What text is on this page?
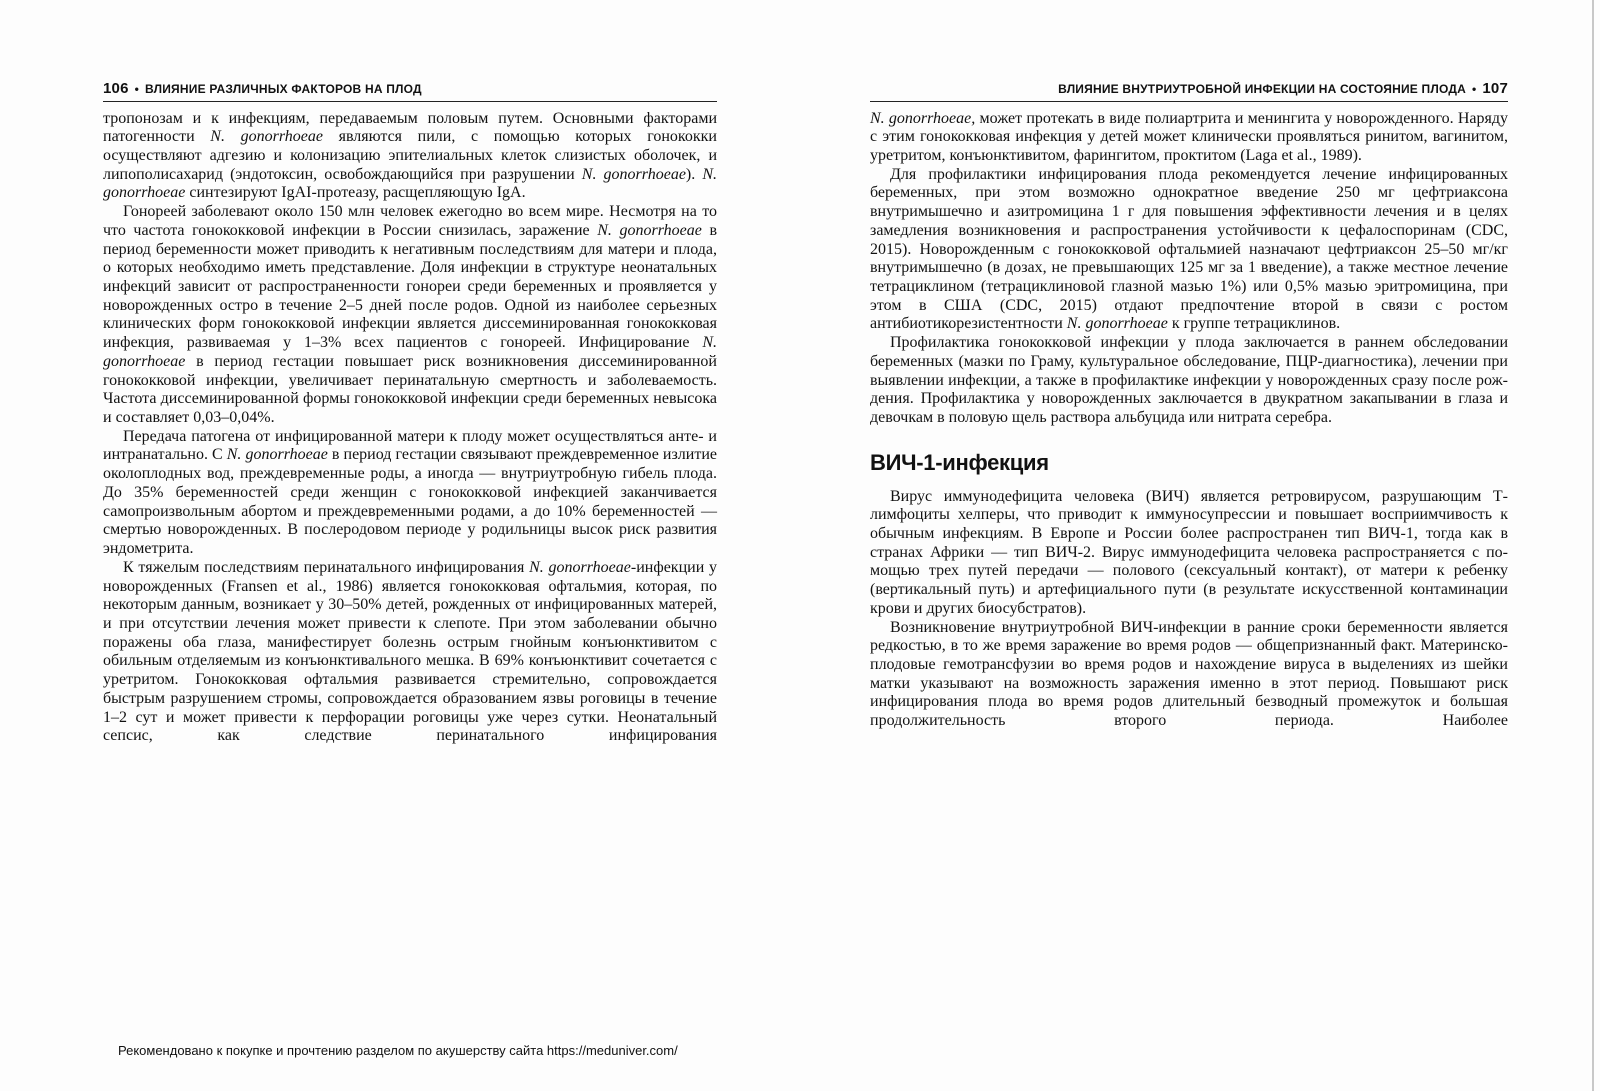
106 • ВЛИЯНИЕ РАЗЛИЧНЫХ ФАКТОРОВ НА ПЛОД

тропонозам и к инфекциям, передаваемым половым путем. Основными факторами патогенности N. gonorrhoeae являются пили, с помощью которых гонококки осуществляют адгезию и колонизацию эпителиальных клеток слизистых оболочек, и липополисахарид (эндотоксин, освобождающийся при разрушении N. gonorrhoeae). N. gonorrhoeae синтезируют IgAI-протеазу, расщепляющую IgA.

Гонореей заболевают около 150 млн человек ежегодно во всем мире. Несмотря на то что частота гонококковой инфекции в России снизилась, заражение N. gonorrhoeae в период беременности может приводить к негативным последствиям для матери и плода, о которых необходимо иметь представление. Доля инфекции в структуре неонатальных инфекций зависит от распространенности гонореи среди беременных и проявляется у новорожденных остро в течение 2–5 дней после родов. Одной из наиболее серьезных клинических форм гонококковой инфекции является диссеминированная гонококковая инфекция, развиваемая у 1–3% всех пациентов с гонореей. Инфицирование N. gonorrhoeae в период гестации повышает риск возникновения диссеминированной гонококковой инфекции, увеличивает перинатальную смертность и заболеваемость. Частота диссеминированной формы гонококковой инфекции среди беременных невысока и составляет 0,03–0,04%.

Передача патогена от инфицированной матери к плоду может осуществляться анте- и интранатально. С N. gonorrhoeae в период гестации связывают преждевременное излитие околоплодных вод, преждевременные роды, а иногда — внутриутробную гибель плода. До 35% беременностей среди женщин с гонококковой инфекцией заканчивается самопроизвольным абортом и преждевременными родами, а до 10% беременностей — смертью новорожденных. В послеродовом периоде у родильницы высок риск развития эндометрита.

К тяжелым последствиям перинатального инфицирования N. gonorrhoeae-инфекции у новорожденных (Fransen et al., 1986) является гонококковая офтальмия, которая, по некоторым данным, возникает у 30–50% детей, рожденных от инфицированных матерей, и при отсутствии лечения может привести к слепоте. При этом заболевании обычно поражены оба глаза, манифестирует болезнь острым гнойным конъюнктивитом с обильным отделяемым из конъюнктивального мешка. В 69% конъюнктивит сочетается с уретритом. Гонококковая офтальмия развивается стремительно, сопровождается быстрым разрушением стромы, сопровождается образованием язвы роговицы в течение 1–2 сут и может привести к перфорации роговицы уже через сутки. Неонатальный сепсис, как следствие перинатального инфицирования

ВЛИЯНИЕ ВНУТРИУТРОБНОЙ ИНФЕКЦИИ НА СОСТОЯНИЕ ПЛОДА • 107

N. gonorrhoeae, может протекать в виде полиартрита и менингита у новорожденного. Наряду с этим гонококковая инфекция у детей может клинически проявляться ринитом, вагинитом, уретритом, конъюнктивитом, фарингитом, проктитом (Laga et al., 1989).

Для профилактики инфицирования плода рекомендуется лечение инфицированных беременных, при этом возможно однократное введение 250 мг цефтриаксона внутримышечно и азитромицина 1 г для повышения эффективности лечения и в целях замедления возникновения и распространения устойчивости к цефалоспоринам (CDC, 2015). Новорожденным с гонококковой офтальмией назначают цефтриаксон 25–50 мг/кг внутримышечно (в дозах, не превышающих 125 мг за 1 введение), а также местное лечение тетрациклином (тетрациклиновой глазной мазью 1%) или 0,5% мазью эритромицина, при этом в США (CDC, 2015) отдают предпочтение второй в связи с ростом антибиотикорезистентности N. gonorrhoeae к группе тетрациклинов.

Профилактика гонококковой инфекции у плода заключается в раннем обследовании беременных (мазки по Граму, культуральное обследование, ПЦР-диагностика), лечении при выявлении инфекции, а также в профилактике инфекции у новорожденных сразу после рождения. Профилактика у новорожденных заключается в двукратном закапывании в глаза и девочкам в половую щель раствора альбуцида или нитрата серебра.

ВИЧ-1-инфекция

Вирус иммунодефицита человека (ВИЧ) является ретровирусом, разрушающим Т-лимфоциты хелперы, что приводит к иммуносупрессии и повышает восприимчивость к обычным инфекциям. В Европе и России более распространен тип ВИЧ-1, тогда как в странах Африки — тип ВИЧ-2. Вирус иммунодефицита человека распространяется с помощью трех путей передачи — полового (сексуальный контакт), от матери к ребенку (вертикальный путь) и артефициального пути (в результате искусственной контаминации крови и других биосубстратов).

Возникновение внутриутробной ВИЧ-инфекции в ранние сроки беременности является редкостью, в то же время заражение во время родов — общепризнанный факт. Материнско-плодовые гемотрансфузии во время родов и нахождение вируса в выделениях из шейки матки указывают на возможность заражения именно в этот период. Повышают риск инфицирования плода во время родов длительный безводный промежуток и большая продолжительность второго периода. Наиболее

Рекомендовано к покупке и прочтению разделом по акушерству сайта https://meduniver.com/
